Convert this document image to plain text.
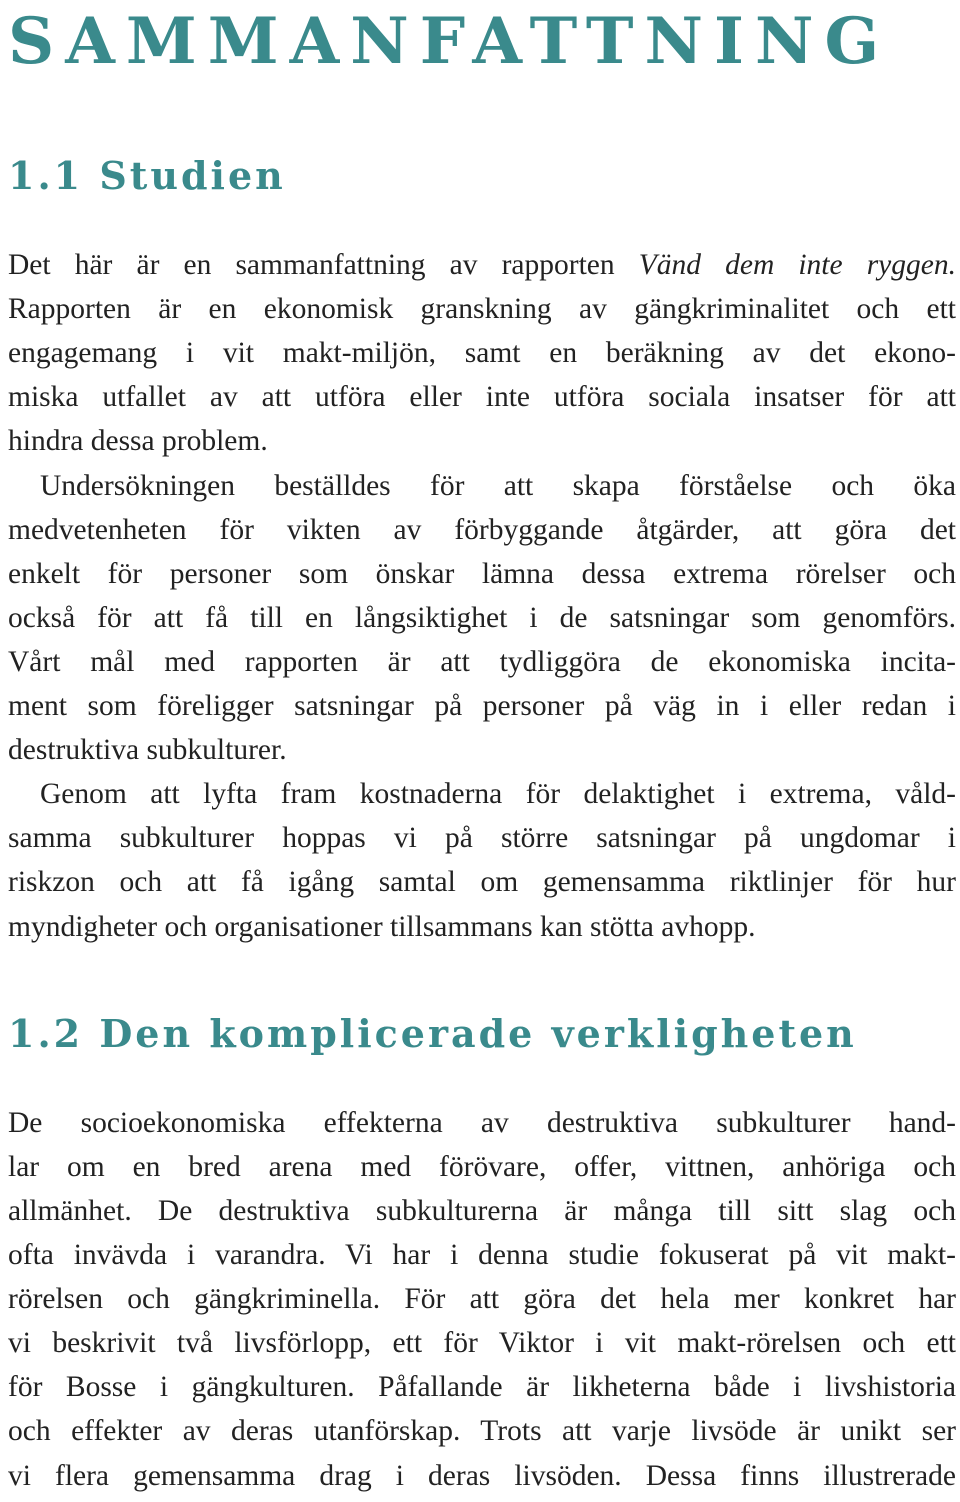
SAMMANFATTNING
1.1 Studien
Det här är en sammanfattning av rapporten Vänd dem inte ryggen.
Rapporten är en ekonomisk granskning av gängkriminalitet och ett
engagemang i vit makt-miljön, samt en beräkning av det ekono-
miska utfallet av att utföra eller inte utföra sociala insatser för att
hindra dessa problem.
Undersökningen beställdes för att skapa förståelse och öka
medvetenheten för vikten av förbyggande åtgärder, att göra det
enkelt för personer som önskar lämna dessa extrema rörelser och
också för att få till en långsiktighet i de satsningar som genomförs.
Vårt mål med rapporten är att tydliggöra de ekonomiska incita-
ment som föreligger satsningar på personer på väg in i eller redan i
destruktiva subkulturer.
Genom att lyfta fram kostnaderna för delaktighet i extrema, våld-
samma subkulturer hoppas vi på större satsningar på ungdomar i
riskzon och att få igång samtal om gemensamma riktlinjer för hur
myndigheter och organisationer tillsammans kan stötta avhopp.
1.2 Den komplicerade verkligheten
De socioekonomiska effekterna av destruktiva subkulturer hand-
lar om en bred arena med förövare, offer, vittnen, anhöriga och
allmänhet. De destruktiva subkulturerna är många till sitt slag och
ofta invävda i varandra. Vi har i denna studie fokuserat på vit makt-
rörelsen och gängkriminella. För att göra det hela mer konkret har
vi beskrivit två livsförlopp, ett för Viktor i vit makt-rörelsen och ett
för Bosse i gängkulturen. Påfallande är likheterna både i livshistoria
och effekter av deras utanförskap. Trots att varje livsöde är unikt ser
vi flera gemensamma drag i deras livsöden. Dessa finns illustrerade
